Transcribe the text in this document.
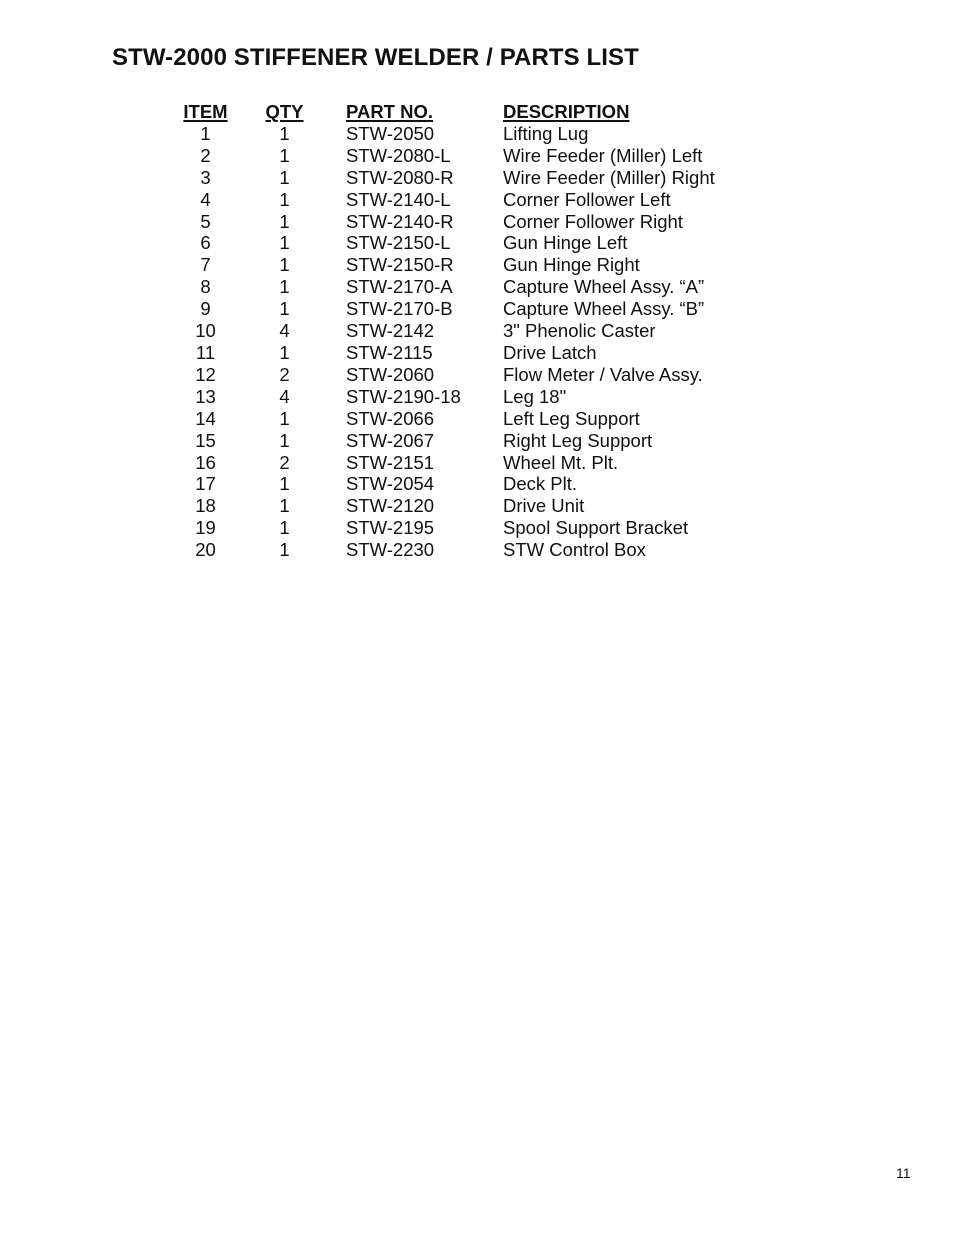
STW-2000 STIFFENER WELDER / PARTS LIST
ITEM	QTY	PART NO.	DESCRIPTION
1	1	STW-2050	Lifting Lug
2	1	STW-2080-L	Wire Feeder (Miller) Left
3	1	STW-2080-R	Wire Feeder (Miller) Right
4	1	STW-2140-L	Corner Follower Left
5	1	STW-2140-R	Corner Follower Right
6	1	STW-2150-L	Gun Hinge Left
7	1	STW-2150-R	Gun Hinge Right
8	1	STW-2170-A	Capture Wheel Assy. “A”
9	1	STW-2170-B	Capture Wheel Assy. “B”
10	4	STW-2142	3" Phenolic Caster
11	1	STW-2115	Drive Latch
12	2	STW-2060	Flow Meter / Valve Assy.
13	4	STW-2190-18	Leg 18"
14	1	STW-2066	Left Leg Support
15	1	STW-2067	Right Leg Support
16	2	STW-2151	Wheel Mt. Plt.
17	1	STW-2054	Deck Plt.
18	1	STW-2120	Drive Unit
19	1	STW-2195	Spool Support Bracket
20	1	STW-2230	STW Control Box
11
